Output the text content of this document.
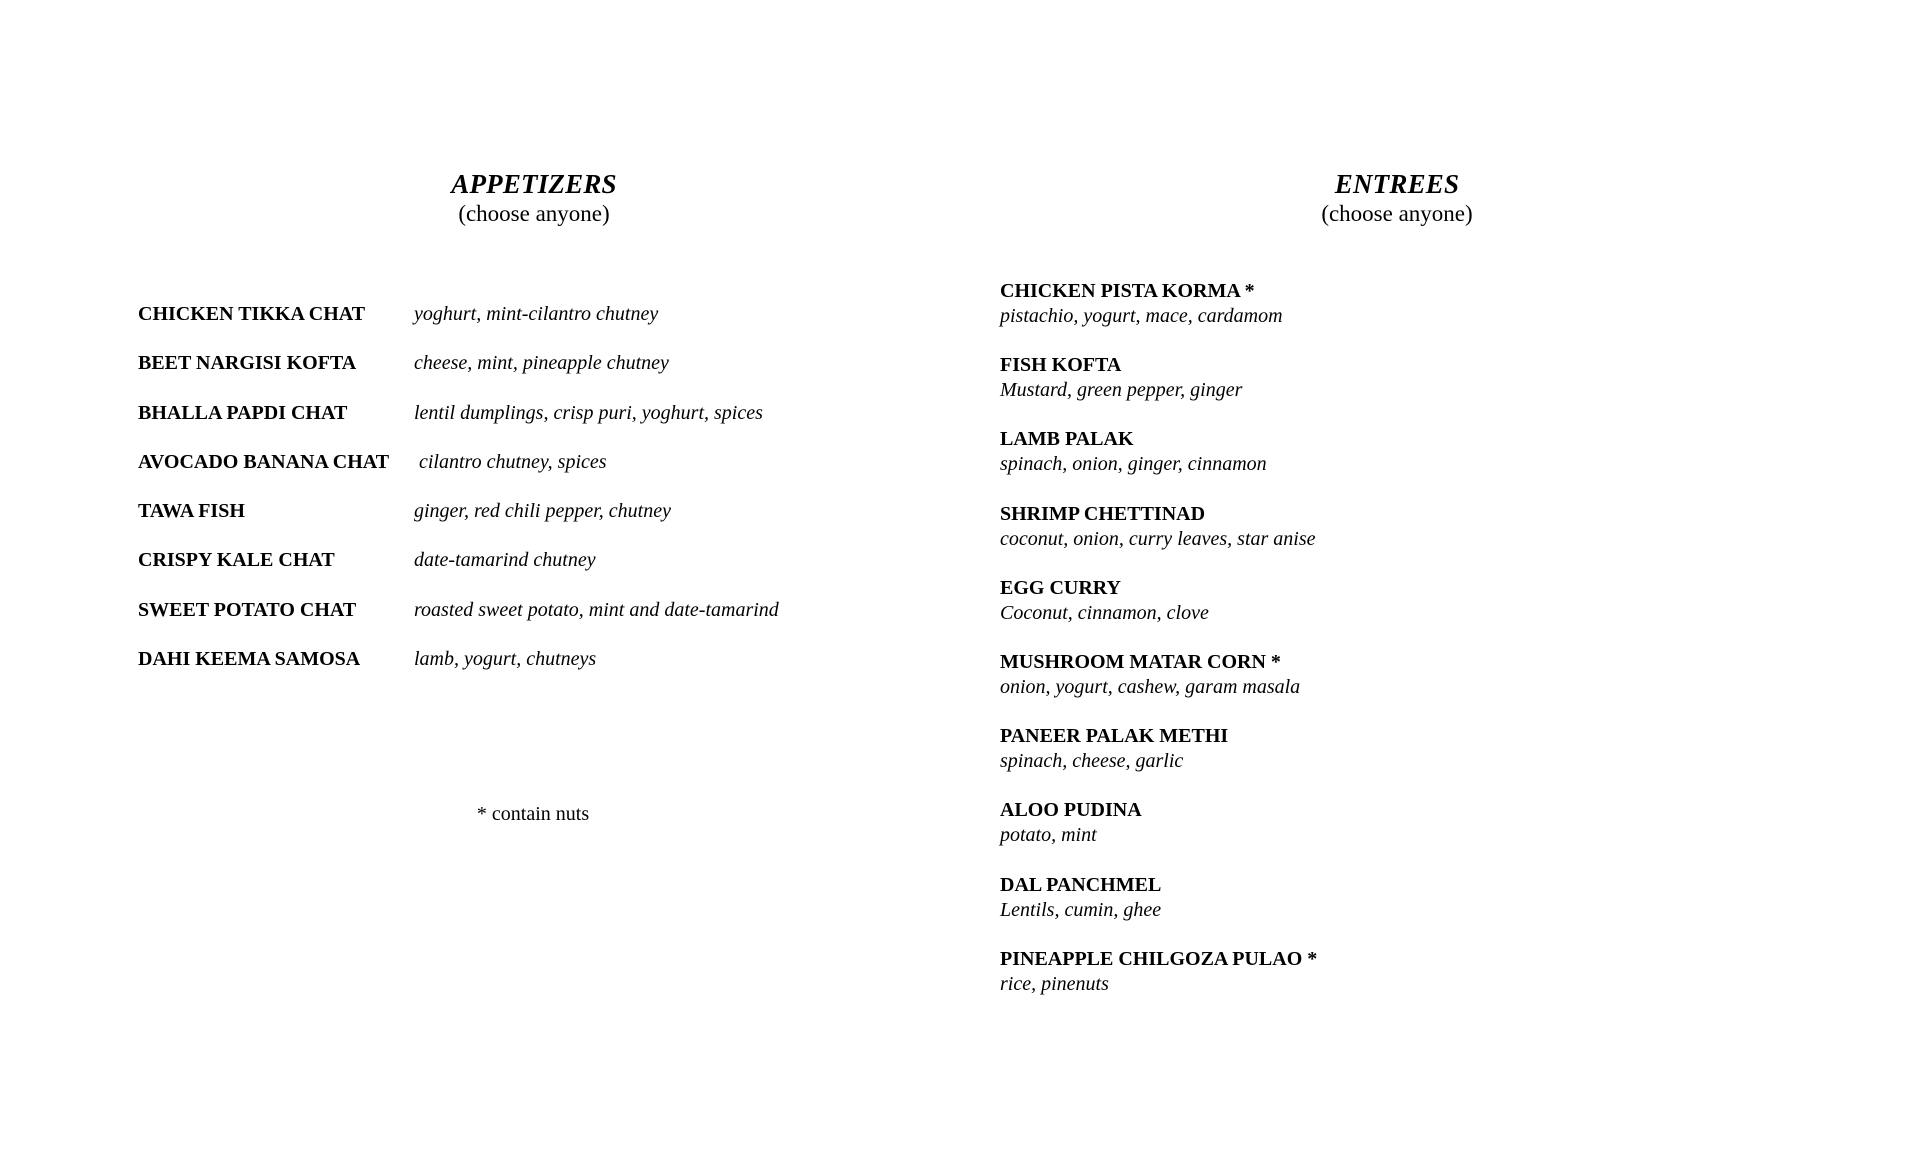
APPETIZERS
(choose anyone)
CHICKEN TIKKA CHAT yoghurt, mint-cilantro chutney
BEET NARGISI KOFTA	cheese, mint, pineapple chutney
BHALLA PAPDI CHAT	lentil dumplings, crisp puri, yoghurt, spices
AVOCADO BANANA CHAT cilantro chutney, spices
TAWA FISH	ginger, red chili pepper, chutney
CRISPY KALE CHAT	date-tamarind chutney
SWEET POTATO CHAT	roasted sweet potato, mint and date-tamarind
DAHI KEEMA SAMOSA	lamb, yogurt, chutneys
* contain nuts
ENTREES
(choose anyone)
CHICKEN PISTA KORMA *
pistachio, yogurt, mace, cardamom
FISH KOFTA
Mustard, green pepper, ginger
LAMB PALAK
spinach, onion, ginger, cinnamon
SHRIMP CHETTINAD
coconut, onion, curry leaves, star anise
EGG CURRY
Coconut, cinnamon, clove
MUSHROOM MATAR CORN *
onion, yogurt, cashew, garam masala
PANEER PALAK METHI
spinach, cheese, garlic
ALOO PUDINA
potato, mint
DAL PANCHMEL
Lentils, cumin, ghee
PINEAPPLE CHILGOZA PULAO *
rice, pinenuts
